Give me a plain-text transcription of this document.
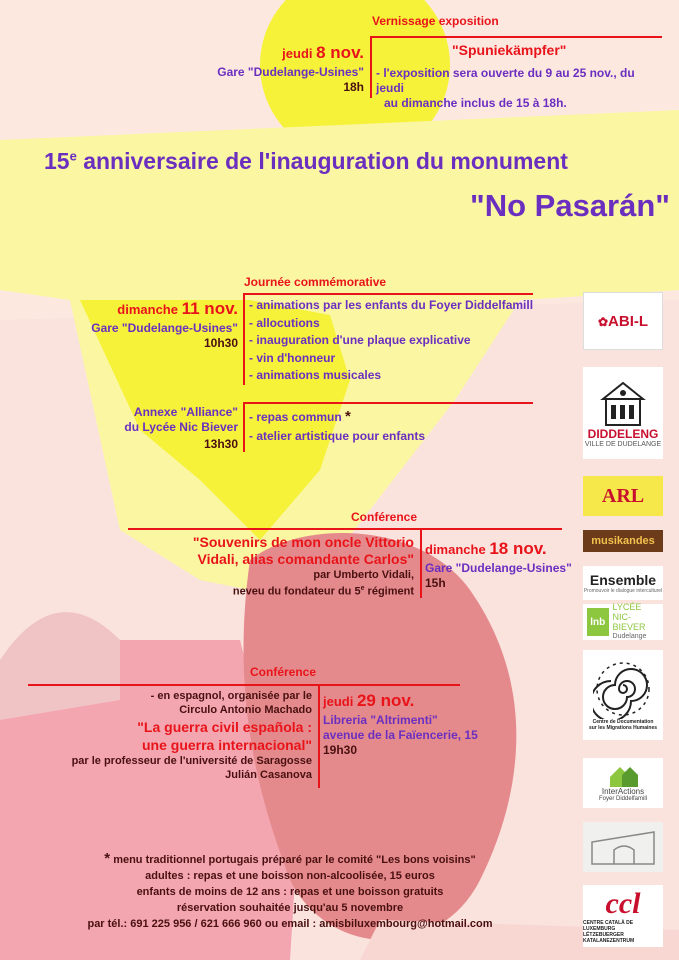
Vernissage exposition
jeudi 8 nov.
Gare "Dudelange-Usines"
18h
"Spuniekämpfer"
- l'exposition sera ouverte du 9 au 25 nov., du jeudi
au dimanche inclus de 15 à 18h.
15e anniversaire de l'inauguration du monument
"No Pasarán"
Journée commémorative
dimanche 11 nov.
Gare "Dudelange-Usines"
10h30
- animations par les enfants du Foyer Diddelfamill
- allocutions
- inauguration d'une plaque explicative
- vin d'honneur
- animations musicales
Annexe "Alliance"
du Lycée Nic Biever
13h30
- repas commun *
- atelier artistique pour enfants
Conférence
"Souvenirs de mon oncle Vittorio
Vidali, alias comandante Carlos"
par Umberto Vidali,
neveu du fondateur du 5e régiment
dimanche 18 nov.
Gare "Dudelange-Usines"
15h
Conférence
- en espagnol, organisée par le
Circulo Antonio Machado
"La guerra civil española :
une guerra internacional"
par le professeur de l'université de Saragosse
Julián Casanova
jeudi 29 nov.
Libreria "Altrimenti"
avenue de la Faïencerie, 15
19h30
* menu traditionnel portugais préparé par le comité "Les bons voisins"
adultes : repas et une boisson non-alcoolisée, 15 euros
enfants de moins de 12 ans : repas et une boisson gratuits
réservation souhaitée jusqu'au 5 novembre
par tél.: 691 225 956 / 621 666 960 ou email : amisbiluxembourg@hotmail.com
✿ABI-L
DIDDELENG
VILLE DE DUDELANGE
ARL
musikandes
Ensemble
Promouvoir le dialogue interculturel
lnb
LYCÉE
NIC-BIEVER
Dudelange
Centre de Documentation
sur les Migrations Humaines
InterActions
Foyer Diddelfamill
ccl
CENTRE CATALÀ DE LUXEMBURG
LËTZEBUERGER KATALANEZENTRUM
